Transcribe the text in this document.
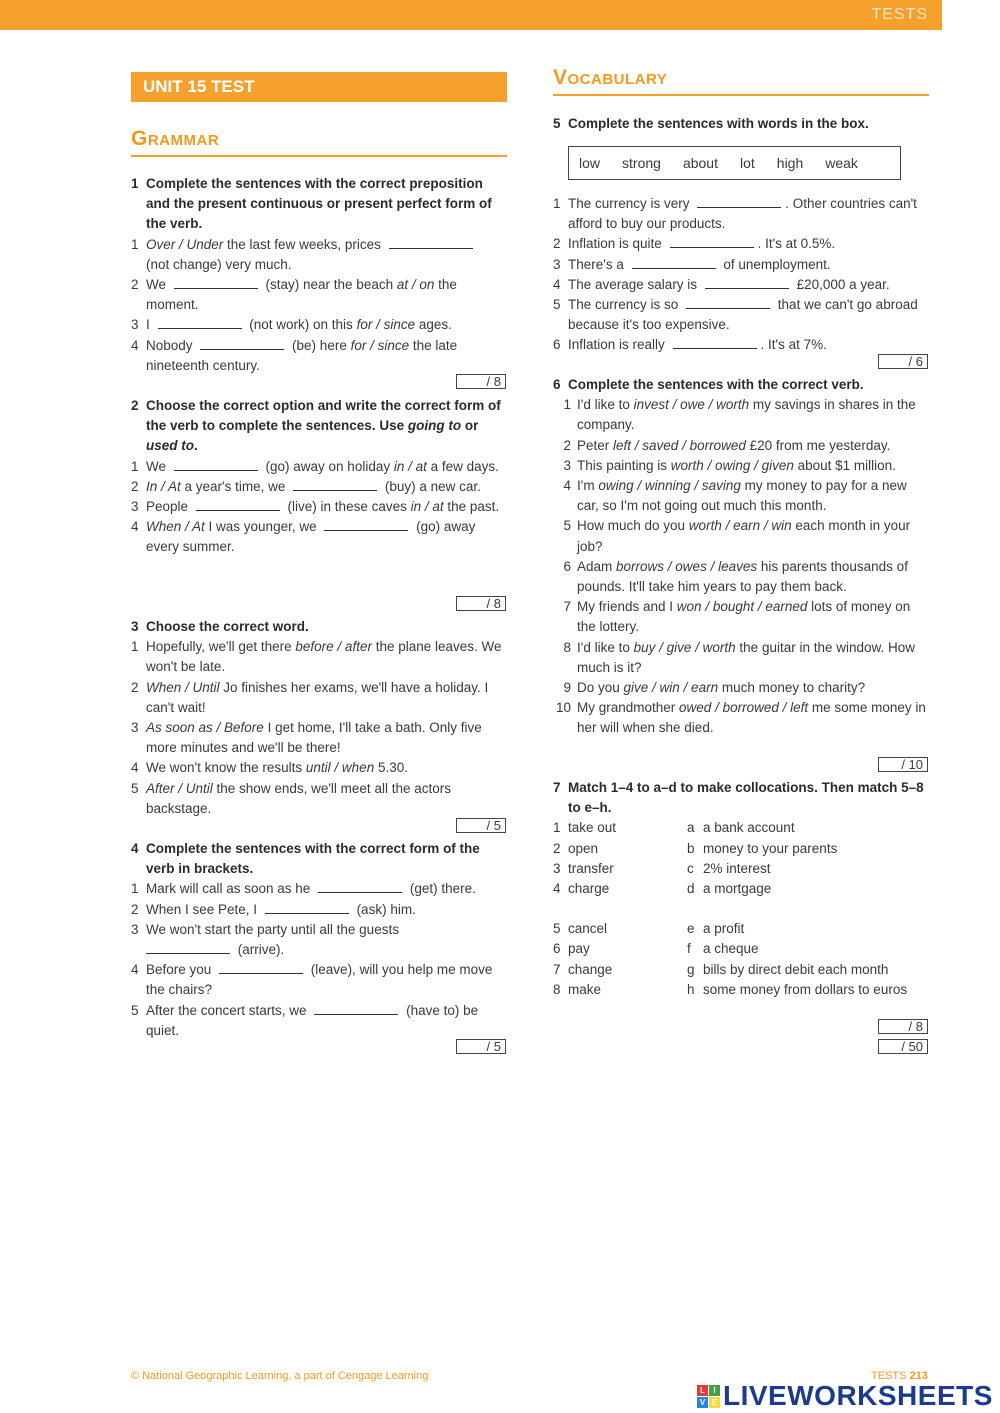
TESTS
UNIT 15 TEST
Grammar
1 Complete the sentences with the correct preposition and the present continuous or present perfect form of the verb.
1 Over / Under the last few weeks, prices
(not change) very much.
2 We	(stay) near the beach at / on the moment.
3 I	(not work) on this for / since ages.
4 Nobody	(be) here for / since the late nineteenth century.
/ 8
2 Choose the correct option and write the correct form of the verb to complete the sentences. Use going to or used to.
1 We	(go) away on holiday in / at a few days.
2 In / At a year's time, we	(buy) a new car.
3 People	(live) in these caves in / at the past.
4 When / At I was younger, we	(go) away every summer.
/ 8
3 Choose the correct word.
1 Hopefully, we'll get there before / after the plane leaves. We won't be late.
2 When / Until Jo finishes her exams, we'll have a holiday. I can't wait!
3 As soon as / Before I get home, I'll take a bath. Only five more minutes and we'll be there!
4 We won't know the results until / when 5.30.
5 After / Until the show ends, we'll meet all the actors backstage.
/ 5
4 Complete the sentences with the correct form of the verb in brackets.
1 Mark will call as soon as he	(get) there.
2 When I see Pete, I	(ask) him.
3 We won't start the party until all the guests
(arrive).
4 Before you	(leave), will you help me move the chairs?
5 After the concert starts, we	(have to) be quiet.
/ 5
Vocabulary
5 Complete the sentences with words in the box.
low strong about lot high weak
1 The currency is very	. Other countries can't afford to buy our products.
2 Inflation is quite	. It's at 0.5%.
3 There's a	of unemployment.
4 The average salary is	£20,000 a year.
5 The currency is so	that we can't go abroad because it's too expensive.
6 Inflation is really	. It's at 7%.
/ 6
6 Complete the sentences with the correct verb.
1 I'd like to invest / owe / worth my savings in shares in the company.
2 Peter left / saved / borrowed £20 from me yesterday.
3 This painting is worth / owing / given about $1 million.
4 I'm owing / winning / saving my money to pay for a new car, so I'm not going out much this month.
5 How much do you worth / earn / win each month in your job?
6 Adam borrows / owes / leaves his parents thousands of pounds. It'll take him years to pay them back.
7 My friends and I won / bought / earned lots of money on the lottery.
8 I'd like to buy / give / worth the guitar in the window. How much is it?
9 Do you give / win / earn much money to charity?
10 My grandmother owed / borrowed / left me some money in her will when she died.
/ 10
7 Match 1–4 to a–d to make collocations. Then match 5–8 to e–h.
1 take out	a a bank account
2 open	b money to your parents
3 transfer	c 2% interest
4 charge	d a mortgage
5 cancel	e a profit
6 pay	f a cheque
7 change	g bills by direct debit each month
8 make	h some money from dollars to euros
/ 8
/ 50
© National Geographic Learning, a part of Cengage Learning	TESTS 213
L	I
V E LIVEWORKSHEETS
